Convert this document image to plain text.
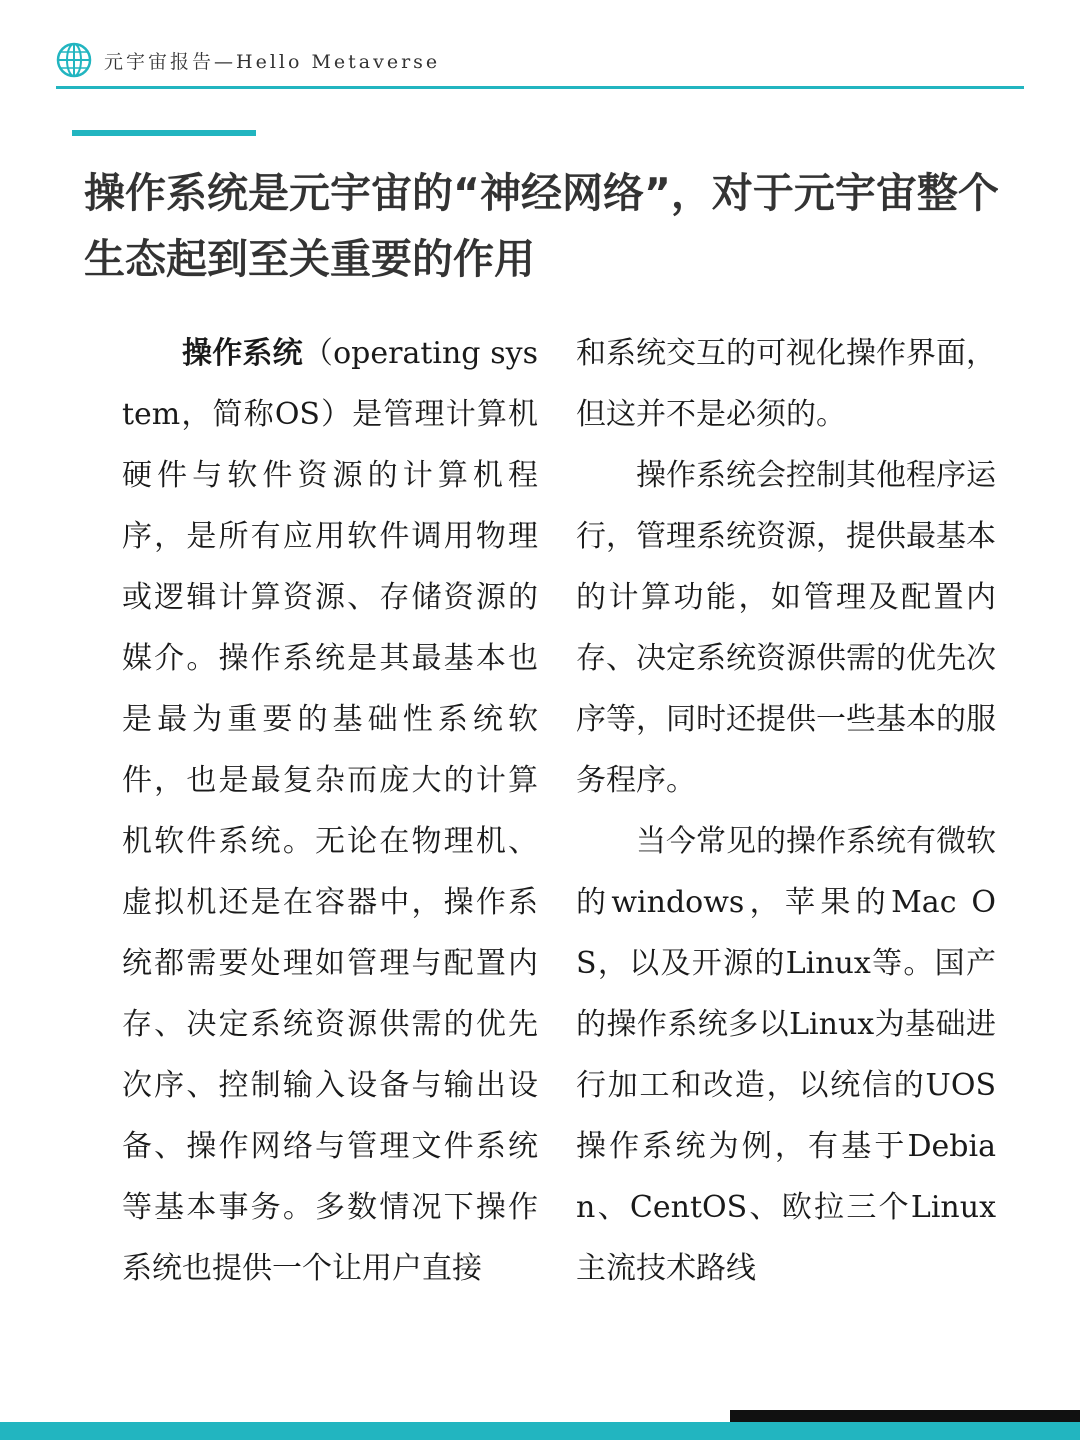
元宇宙报告—Hello Metaverse
操作系统是元宇宙的“神经网络”，对于元宇宙整个生态起到至关重要的作用

操作系统（operating system，简称OS）是管理计算机硬件与软件资源的计算机程序，是所有应用软件调用物理或逻辑计算资源、存储资源的媒介。操作系统是其最基本也是最为重要的基础性系统软件，也是最复杂而庞大的计算机软件系统。无论在物理机、虚拟机还是在容器中，操作系统都需要处理如管理与配置内存、决定系统资源供需的优先次序、控制输入设备与输出设备、操作网络与管理文件系统等基本事务。多数情况下操作系统也提供一个让用户直接

和系统交互的可视化操作界面，但这并不是必须的。

操作系统会控制其他程序运行，管理系统资源，提供最基本的计算功能，如管理及配置内存、决定系统资源供需的优先次序等，同时还提供一些基本的服务程序。

当今常见的操作系统有微软的windows，苹果的Mac OS，以及开源的Linux等。国产的操作系统多以Linux为基础进行加工和改造，以统信的UOS操作系统为例，有基于Debian、CentOS、欧拉三个Linux主流技术路线
